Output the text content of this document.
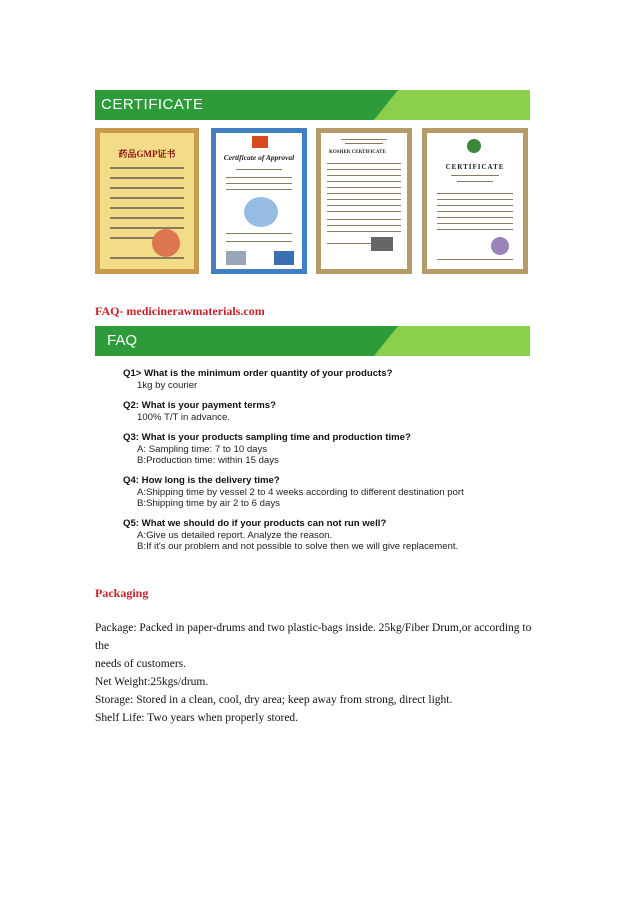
CERTIFICATE
药品GMP证书	Certificate of Approval
KOSHER CERTIFICATE
CERTIFICATE
FAQ- medicinerawmaterials.com
FAQ
Q1> What is the minimum order quantity of your products?
1kg by courier
Q2: What is your payment terms?
100% T/T in advance.
Q3: What is your products sampling time and production time?
A: Sampling time: 7 to 10 days
B:Production time: within 15 days
Q4: How long is the delivery time?
A:Shipping time by vessel 2 to 4 weeks according to different destination port
B:Shipping time by air 2 to 6 days
Q5: What we should do if your products can not run well?
A:Give us detailed report. Analyze the reason.
B:If it's our problem and not possible to solve then we will give replacement.
Packaging
Package: Packed in paper-drums and two plastic-bags inside. 25kg/Fiber Drum,or according to the
needs of customers.
Net Weight:25kgs/drum.
Storage: Stored in a clean, cool, dry area; keep away from strong, direct light.
Shelf Life: Two years when properly stored.
